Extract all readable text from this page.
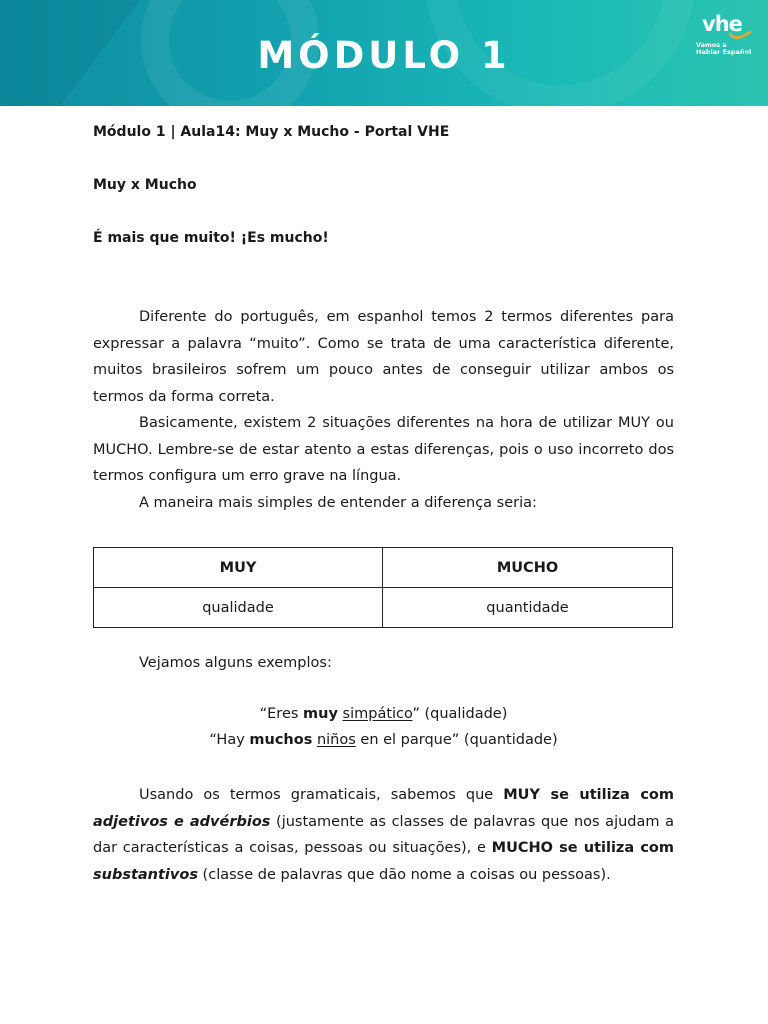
MÓDULO 1
vhe
Vamos a
Hablar Español
Módulo 1 | Aula14: Muy x Mucho - Portal VHE
Muy x Mucho
É mais que muito! ¡Es mucho!
Diferente do português, em espanhol temos 2 termos diferentes para expressar a palavra “muito”. Como se trata de uma característica diferente, muitos brasileiros sofrem um pouco antes de conseguir utilizar ambos os termos da forma correta.
Basicamente, existem 2 situações diferentes na hora de utilizar MUY ou MUCHO. Lembre-se de estar atento a estas diferenças, pois o uso incorreto dos termos configura um erro grave na língua.
A maneira mais simples de entender a diferença seria:
MUY	MUCHO
qualidade	quantidade
Vejamos alguns exemplos:
“Eres muy simpático” (qualidade)
“Hay muchos niños en el parque” (quantidade)
Usando os termos gramaticais, sabemos que MUY se utiliza com adjetivos e advérbios (justamente as classes de palavras que nos ajudam a dar características a coisas, pessoas ou situações), e MUCHO se utiliza com substantivos (classe de palavras que dão nome a coisas ou pessoas).
